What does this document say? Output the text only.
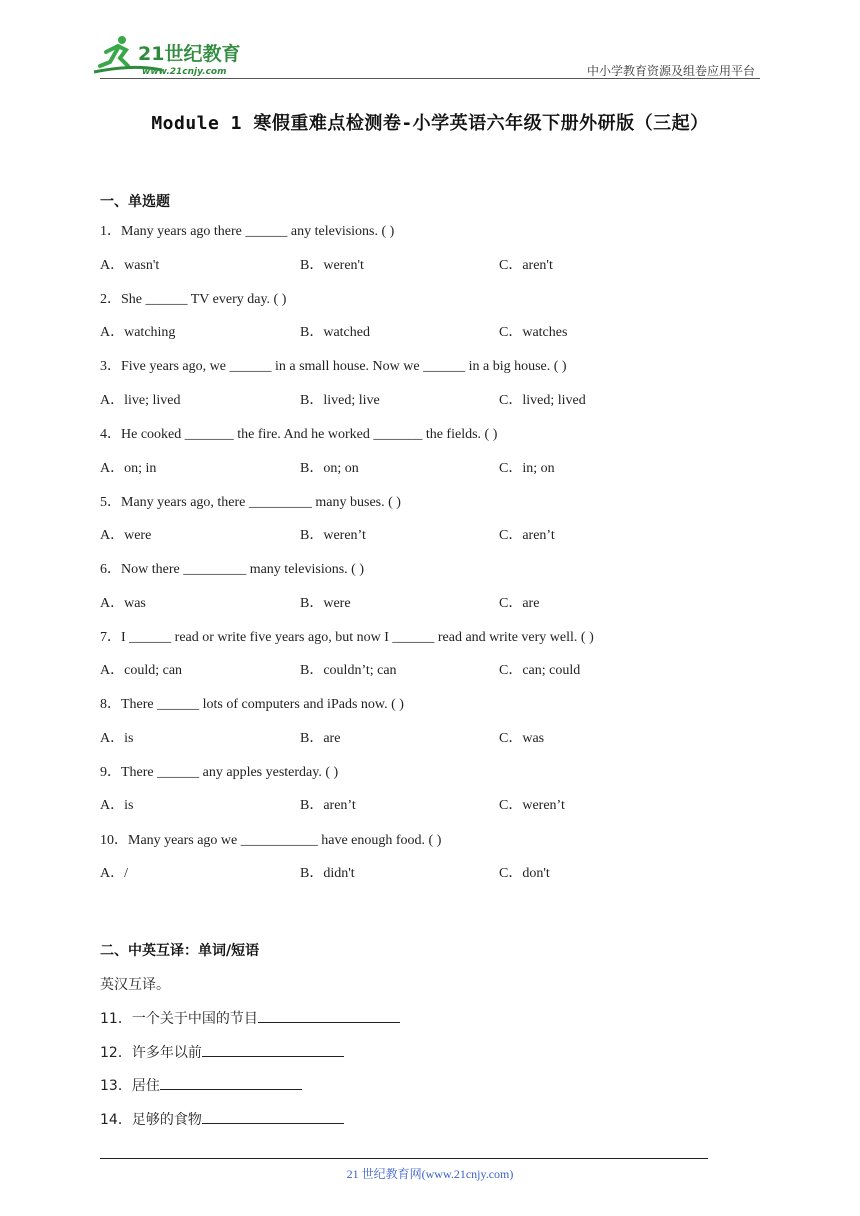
21世纪教育
www.21cnjy.com	中小学教育资源及组卷应用平台
Module 1 寒假重难点检测卷-小学英语六年级下册外研版（三起）
一、单选题
1．Many years ago there ______ any televisions. ( )
A．wasn't	B．weren't	C．aren't
2．She ______ TV every day. ( )
A．watching	B．watched	C．watches
3．Five years ago, we ______ in a small house. Now we ______ in a big house. ( )
A．live; lived	B．lived; live	C．lived; lived
4．He cooked _______ the fire. And he worked _______ the fields. ( )
A．on; in	B．on; on	C．in; on
5．Many years ago, there _________ many buses. ( )
A．were	B．weren’t	C．aren’t
6．Now there _________ many televisions. ( )
A．was	B．were	C．are
7．I ______ read or write five years ago, but now I ______ read and write very well. ( )
A．could; can	B．couldn’t; can	C．can; could
8．There ______ lots of computers and iPads now. ( )
A．is	B．are	C．was
9．There ______ any apples yesterday. ( )
A．is	B．aren’t	C．weren’t
10．Many years ago we ___________ have enough food. ( )
A．/	B．didn't	C．don't
二、中英互译：单词/短语
英汉互译。
11．一个关于中国的节目
12．许多年以前
13．居住
14．足够的食物
21 世纪教育网(www.21cnjy.com)
